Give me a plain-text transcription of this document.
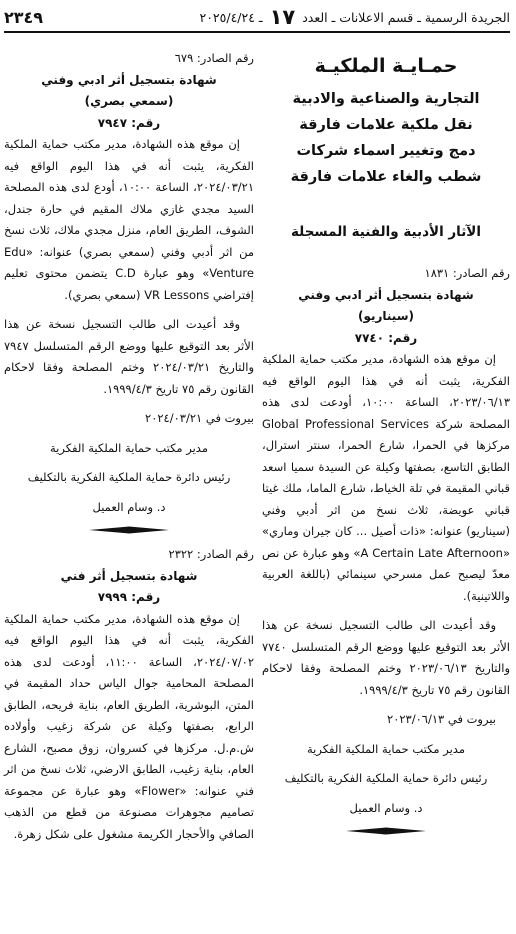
الجريدة الرسمية ـ قسم الاعلانات ـ العدد ١٧ ـ ٢٠٢٥/٤/٢٤
٢٣٤٩
حمـايـة الملكيـة
التجارية والصناعية والادبية
نقل ملكية علامات فارقة
دمج وتغيير اسماء شركات
شطب والغاء علامات فارقة
الآثار الأدبية والفنية المسجلة
رقم الصادر: ١٨٣١
شهادة بتسجيل أثر ادبي وفني
(سيناريو)
رقم: ٧٧٤٠

إن موقع هذه الشهادة، مدير مكتب حماية الملكية الفكرية، يثبت أنه في هذا اليوم الواقع فيه ٢٠٢٣/٠٦/١٣، الساعة ١٠:٠٠، أودعت لدى هذه المصلحة شركة Global Professional Services مركزها في الحمرا، شارع الحمرا، سنتر استرال، الطابق التاسع، بصفتها وكيلة عن السيدة سميا اسعد قباني المقيمة في تلة الخياط، شارع الماما، ملك غيتا قباني عويضة، ثلاث نسخ من اثر أدبي وفني (سيناريو) عنوانه: «ذات أصيل ... كان جيران وماري» «A Certain Late Afternoon» وهو عبارة عن نص معدّ ليصبح عمل مسرحي سينمائي (باللغة العربية واللاتينية).

وقد أعيدت الى طالب التسجيل نسخة عن هذا الأثر بعد التوقيع عليها ووضع الرقم المتسلسل ٧٧٤٠ والتاريخ ٢٠٢٣/٠٦/١٣ وختم المصلحة وفقا لاحكام القانون رقم ٧٥ تاريخ ١٩٩٩/٤/٣.

بيروت في ٢٠٢٣/٠٦/١٣

مدير مكتب حماية الملكية الفكرية
رئيس دائرة حماية الملكية الفكرية بالتكليف
د. وسام العميل
رقم الصادر: ٦٧٩
شهادة بتسجيل أثر ادبي وفني
(سمعي بصري)
رقم: ٧٩٤٧

إن موقع هذه الشهادة، مدير مكتب حماية الملكية الفكرية، يثبت أنه في هذا اليوم الواقع فيه ٢٠٢٤/٠٣/٢١، الساعة ١٠:٠٠، أودع لدى هذه المصلحة السيد مجدي غازي ملاك المقيم في حارة جندل، الشوف، الطريق العام، منزل مجدي ملاك، ثلاث نسخ من اثر أدبي وفني (سمعي بصري) عنوانه: «Edu Venture» وهو عبارة C.D يتضمن محتوى تعليم إفتراضي VR Lessons (سمعي بصري).

وقد أعيدت الى طالب التسجيل نسخة عن هذا الأثر بعد التوقيع عليها ووضع الرقم المتسلسل ٧٩٤٧ والتاريخ ٢٠٢٤/٠٣/٢١ وختم المصلحة وفقا لاحكام القانون رقم ٧٥ تاريخ ١٩٩٩/٤/٣.

بيروت في ٢٠٢٤/٠٣/٢١

مدير مكتب حماية الملكية الفكرية
رئيس دائرة حماية الملكية الفكرية بالتكليف
د. وسام العميل
رقم الصادر: ٢٣٢٢
شهادة بتسجيل أثر فني
رقم: ٧٩٩٩

إن موقع هذه الشهادة، مدير مكتب حماية الملكية الفكرية، يثبت أنه في هذا اليوم الواقع فيه ٢٠٢٤/٠٧/٠٢، الساعة ١١:٠٠، أودعت لدى هذه المصلحة المحامية جوال الياس حداد المقيمة في المتن، البوشرية، الطريق العام، بناية فريحه، الطابق الرابع، بصفتها وكيلة عن شركة زغيب وأولاده ش.م.ل. مركزها في كسروان، زوق مصبح، الشارع العام، بناية زغيب، الطابق الارضي، ثلاث نسخ من اثر فني عنوانه: «Flower» وهو عبارة عن مجموعة تصاميم مجوهرات مصنوعة من قطع من الذهب الصافي والأحجار الكريمة مشغول على شكل زهرة.
